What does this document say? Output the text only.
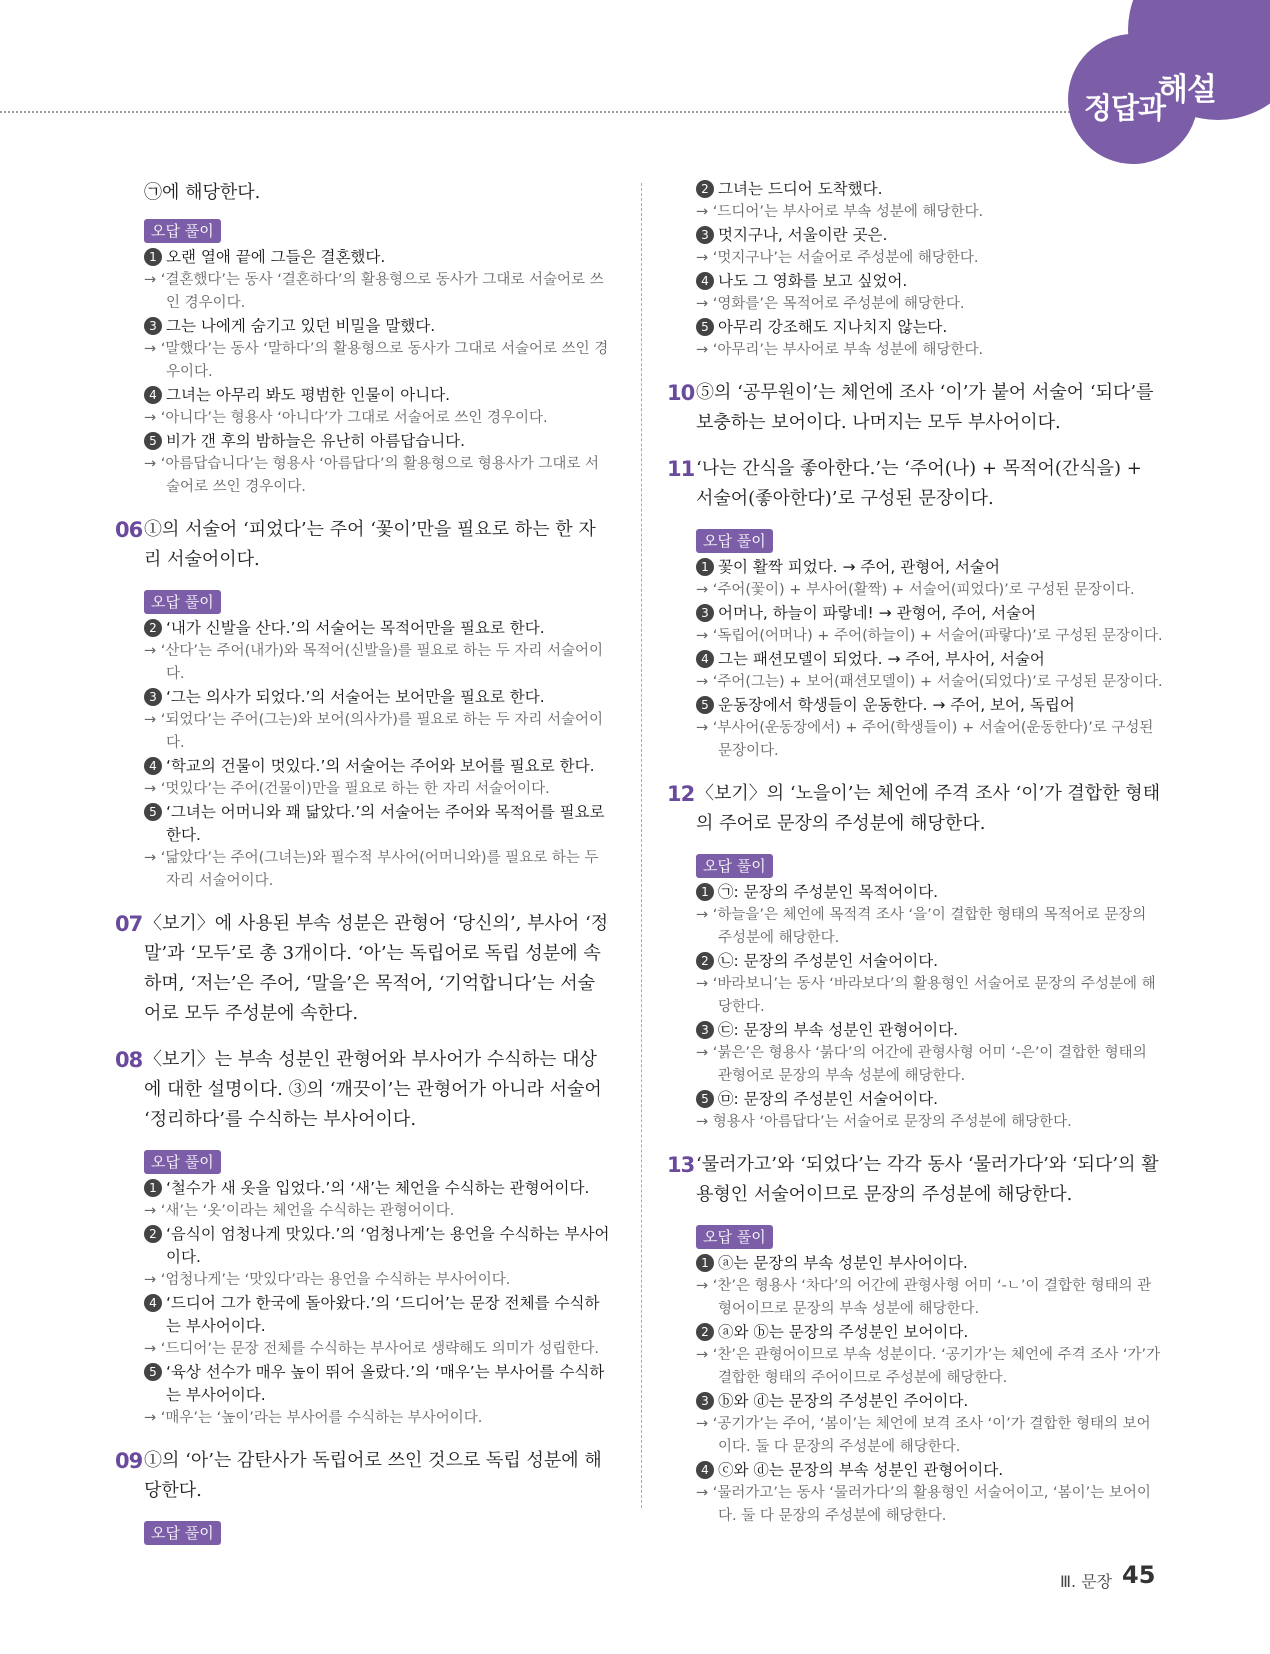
정답과
해설
㉠에 해당한다.
오답 풀이
1 오랜 열애 끝에 그들은 결혼했다.
→ ‘결혼했다’는 동사 ‘결혼하다’의 활용형으로 동사가 그대로 서술어로 쓰인 경우이다.
3 그는 나에게 숨기고 있던 비밀을 말했다.
→ ‘말했다’는 동사 ‘말하다’의 활용형으로 동사가 그대로 서술어로 쓰인 경우이다.
4 그녀는 아무리 봐도 평범한 인물이 아니다.
→ ‘아니다’는 형용사 ‘아니다’가 그대로 서술어로 쓰인 경우이다.
5 비가 갠 후의 밤하늘은 유난히 아름답습니다.
→ ‘아름답습니다’는 형용사 ‘아름답다’의 활용형으로 형용사가 그대로 서술어로 쓰인 경우이다.
06 ①의 서술어 ‘피었다’는 주어 ‘꽃이’만을 필요로 하는 한 자리 서술어이다.
오답 풀이
2 ‘내가 신발을 산다.’의 서술어는 목적어만을 필요로 한다.
→ ‘산다’는 주어(내가)와 목적어(신발을)를 필요로 하는 두 자리 서술어이다.
3 ‘그는 의사가 되었다.’의 서술어는 보어만을 필요로 한다.
→ ‘되었다’는 주어(그는)와 보어(의사가)를 필요로 하는 두 자리 서술어이다.
4 ‘학교의 건물이 멋있다.’의 서술어는 주어와 보어를 필요로 한다.
→ ‘멋있다’는 주어(건물이)만을 필요로 하는 한 자리 서술어이다.
5 ‘그녀는 어머니와 꽤 닮았다.’의 서술어는 주어와 목적어를 필요로 한다.
→ ‘닮았다’는 주어(그녀는)와 필수적 부사어(어머니와)를 필요로 하는 두 자리 서술어이다.
07 〈보기〉에 사용된 부속 성분은 관형어 ‘당신의’, 부사어 ‘정말’과 ‘모두’로 총 3개이다. ‘아’는 독립어로 독립 성분에 속하며, ‘저는’은 주어, ‘말을’은 목적어, ‘기억합니다’는 서술어로 모두 주성분에 속한다.
08 〈보기〉는 부속 성분인 관형어와 부사어가 수식하는 대상에 대한 설명이다. ③의 ‘깨끗이’는 관형어가 아니라 서술어 ‘정리하다’를 수식하는 부사어이다.
오답 풀이
1 ‘철수가 새 옷을 입었다.’의 ‘새’는 체언을 수식하는 관형어이다.
→ ‘새’는 ‘옷’이라는 체언을 수식하는 관형어이다.
2 ‘음식이 엄청나게 맛있다.’의 ‘엄청나게’는 용언을 수식하는 부사어이다.
→ ‘엄청나게’는 ‘맛있다’라는 용언을 수식하는 부사어이다.
4 ‘드디어 그가 한국에 돌아왔다.’의 ‘드디어’는 문장 전체를 수식하는 부사어이다.
→ ‘드디어’는 문장 전체를 수식하는 부사어로 생략해도 의미가 성립한다.
5 ‘육상 선수가 매우 높이 뛰어 올랐다.’의 ‘매우’는 부사어를 수식하는 부사어이다.
→ ‘매우’는 ‘높이’라는 부사어를 수식하는 부사어이다.
09 ①의 ‘아’는 감탄사가 독립어로 쓰인 것으로 독립 성분에 해당한다.
오답 풀이
2 그녀는 드디어 도착했다.
→ ‘드디어’는 부사어로 부속 성분에 해당한다.
3 멋지구나, 서울이란 곳은.
→ ‘멋지구나’는 서술어로 주성분에 해당한다.
4 나도 그 영화를 보고 싶었어.
→ ‘영화를’은 목적어로 주성분에 해당한다.
5 아무리 강조해도 지나치지 않는다.
→ ‘아무리’는 부사어로 부속 성분에 해당한다.
10 ⑤의 ‘공무원이’는 체언에 조사 ‘이’가 붙어 서술어 ‘되다’를 보충하는 보어이다. 나머지는 모두 부사어이다.
11 ‘나는 간식을 좋아한다.’는 ‘주어(나) + 목적어(간식을) + 서술어(좋아한다)’로 구성된 문장이다.
오답 풀이
1 꽃이 활짝 피었다. → 주어, 관형어, 서술어
→ ‘주어(꽃이) + 부사어(활짝) + 서술어(피었다)’로 구성된 문장이다.
3 어머나, 하늘이 파랗네! → 관형어, 주어, 서술어
→ ‘독립어(어머나) + 주어(하늘이) + 서술어(파랗다)’로 구성된 문장이다.
4 그는 패션모델이 되었다. → 주어, 부사어, 서술어
→ ‘주어(그는) + 보어(패션모델이) + 서술어(되었다)’로 구성된 문장이다.
5 운동장에서 학생들이 운동한다. → 주어, 보어, 독립어
→ ‘부사어(운동장에서) + 주어(학생들이) + 서술어(운동한다)’로 구성된 문장이다.
12 〈보기〉의 ‘노을이’는 체언에 주격 조사 ‘이’가 결합한 형태의 주어로 문장의 주성분에 해당한다.
오답 풀이
1 ㉠: 문장의 주성분인 목적어이다.
→ ‘하늘을’은 체언에 목적격 조사 ‘을’이 결합한 형태의 목적어로 문장의 주성분에 해당한다.
2 ㉡: 문장의 주성분인 서술어이다.
→ ‘바라보니’는 동사 ‘바라보다’의 활용형인 서술어로 문장의 주성분에 해당한다.
3 ㉢: 문장의 부속 성분인 관형어이다.
→ ‘붉은’은 형용사 ‘붉다’의 어간에 관형사형 어미 ‘-은’이 결합한 형태의 관형어로 문장의 부속 성분에 해당한다.
5 ㉤: 문장의 주성분인 서술어이다.
→ 형용사 ‘아름답다’는 서술어로 문장의 주성분에 해당한다.
13 ‘물러가고’와 ‘되었다’는 각각 동사 ‘물러가다’와 ‘되다’의 활용형인 서술어이므로 문장의 주성분에 해당한다.
오답 풀이
1 ⓐ는 문장의 부속 성분인 부사어이다.
→ ‘찬’은 형용사 ‘차다’의 어간에 관형사형 어미 ‘-ㄴ’이 결합한 형태의 관형어이므로 문장의 부속 성분에 해당한다.
2 ⓐ와 ⓑ는 문장의 주성분인 보어이다.
→ ‘찬’은 관형어이므로 부속 성분이다. ‘공기가’는 체언에 주격 조사 ‘가’가 결합한 형태의 주어이므로 주성분에 해당한다.
3 ⓑ와 ⓓ는 문장의 주성분인 주어이다.
→ ‘공기가’는 주어, ‘봄이’는 체언에 보격 조사 ‘이’가 결합한 형태의 보어이다. 둘 다 문장의 주성분에 해당한다.
4 ⓒ와 ⓓ는 문장의 부속 성분인 관형어이다.
→ ‘물러가고’는 동사 ‘물러가다’의 활용형인 서술어이고, ‘봄이’는 보어이다. 둘 다 문장의 주성분에 해당한다.
Ⅲ. 문장 45
